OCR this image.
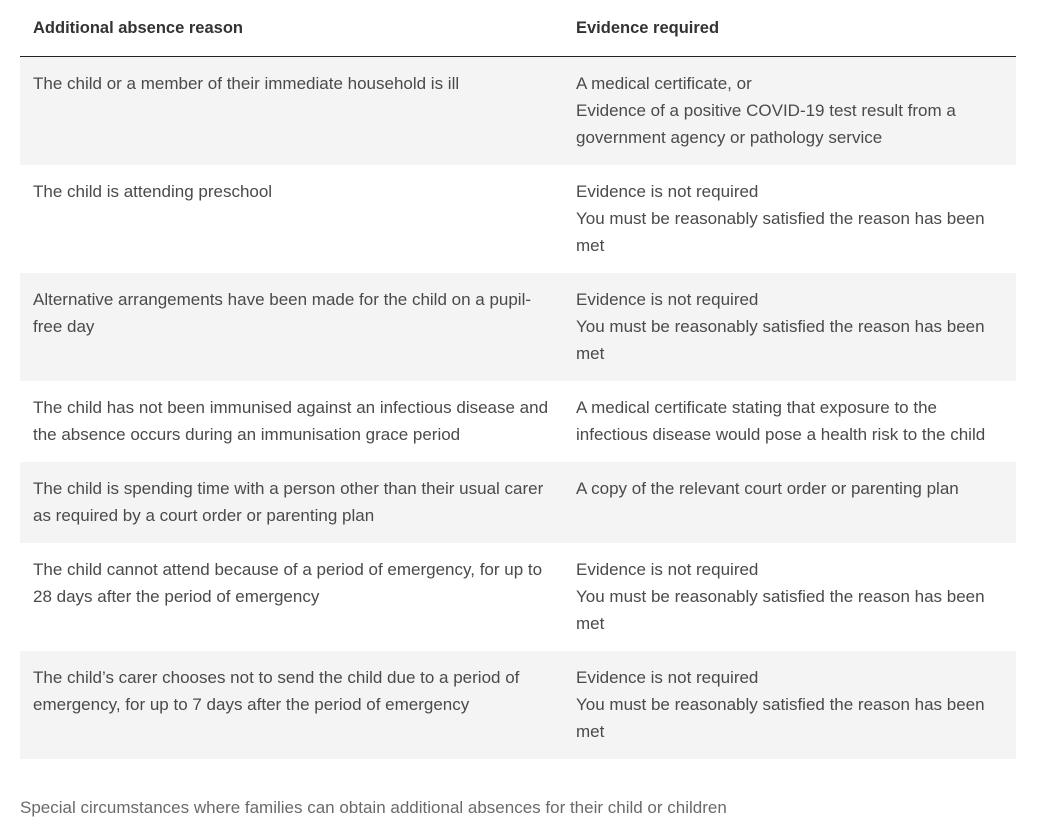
Additional absence reason	Evidence required
The child or a member of their immediate household is ill	A medical certificate, or
Evidence of a positive COVID-19 test result from a government agency or pathology service

The child is attending preschool	Evidence is not required
You must be reasonably satisfied the reason has been met

Alternative arrangements have been made for the child on a pupil-free day	Evidence is not required
You must be reasonably satisfied the reason has been met

The child has not been immunised against an infectious disease and the absence occurs during an immunisation grace period	A medical certificate stating that exposure to the infectious disease would pose a health risk to the child

The child is spending time with a person other than their usual carer as required by a court order or parenting plan	A copy of the relevant court order or parenting plan

The child cannot attend because of a period of emergency, for up to 28 days after the period of emergency	Evidence is not required
You must be reasonably satisfied the reason has been met

The child’s carer chooses not to send the child due to a period of emergency, for up to 7 days after the period of emergency	Evidence is not required
You must be reasonably satisfied the reason has been met
Special circumstances where families can obtain additional absences for their child or children
